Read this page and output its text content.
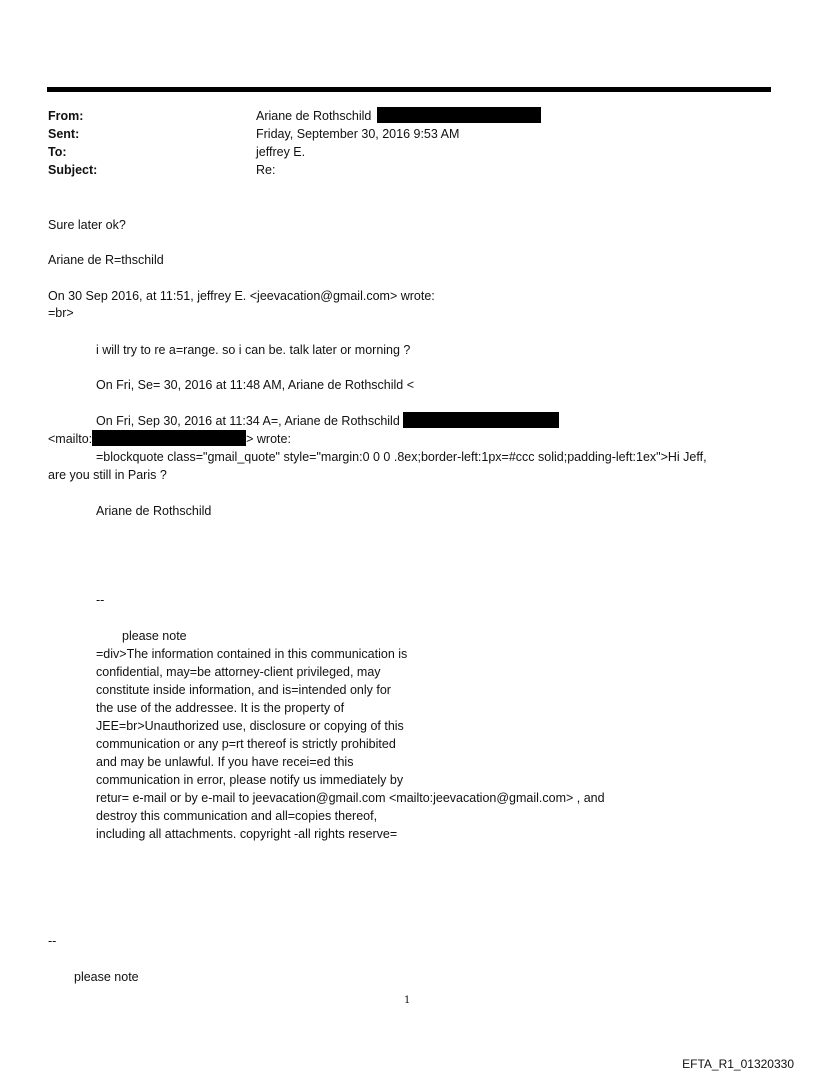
From:	Ariane de Rothschild
Sent:	Friday, September 30, 2016 9:53 AM
To:	jeffrey E.
Subject:	Re:
Sure later ok?
Ariane de R=thschild
On 30 Sep 2016, at 11:51, jeffrey E. <jeevacation@gmail.com> wrote:
=br>
i will try to re a=range. so i can be. talk later or morning ?
On Fri, Se= 30, 2016 at 11:48 AM, Ariane de Rothschild <
On Fri, Sep 30, 2016 at 11:34 A=, Ariane de Rothschild
<mailto:	> wrote:
=blockquote class="gmail_quote" style="margin:0 0 0 .8ex;border-left:1px=#ccc solid;padding-left:1ex">Hi Jeff,
are you still in Paris ?
Ariane de Rothschild
--
please note
=div>The information contained in this communication is
confidential, may=be attorney-client privileged, may
constitute inside information, and is=intended only for
the use of the addressee. It is the property of
JEE=br>Unauthorized use, disclosure or copying of this
communication or any p=rt thereof is strictly prohibited
and may be unlawful. If you have recei=ed this
communication in error, please notify us immediately by
retur= e-mail or by e-mail to jeevacation@gmail.com <mailto:jeevacation@gmail.com> , and
destroy this communication and all=copies thereof,
including all attachments. copyright -all rights reserve=
--
please note
1
EFTA_R1_01320330
